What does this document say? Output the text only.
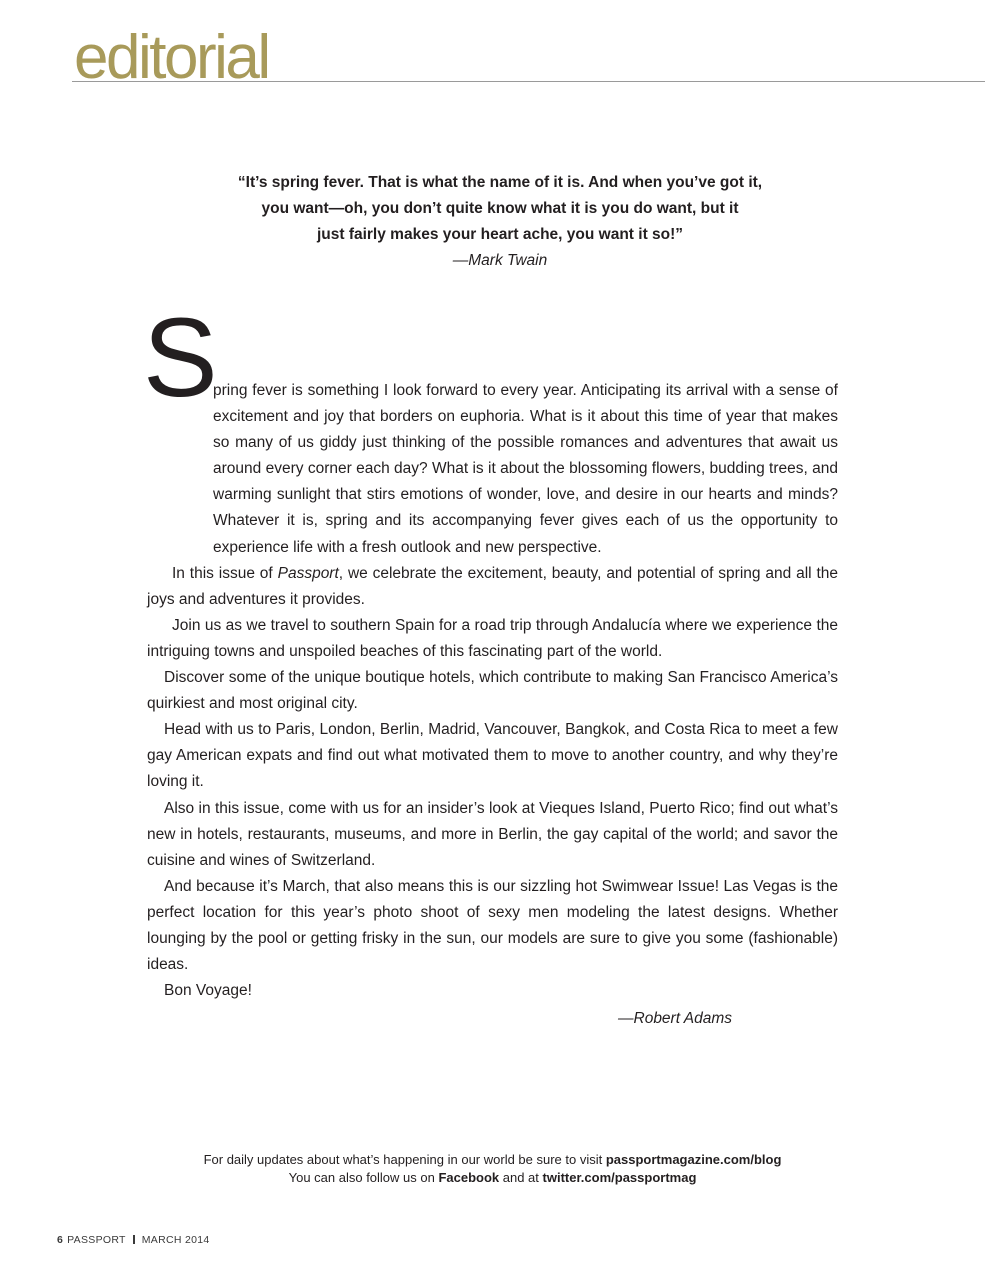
editorial

“It’s spring fever. That is what the name of it is. And when you’ve got it,

you want—oh, you don’t quite know what it is you do want, but it

just fairly makes your heart ache, you want it so!”

—Mark Twain

S pring fever is something I look forward to every year. Anticipating its arrival with a sense of excitement and joy that borders on euphoria. What is it about this time of year that makes so many of us giddy just thinking of the possible romances and adventures that await us around every corner each day? What is it about the blossoming flowers, budding trees, and warming sunlight that stirs emotions of wonder, love, and desire in our hearts and minds? Whatever it is, spring and its accompanying fever gives each of us the opportunity to experience life with a fresh outlook and new perspective.

In this issue of Passport, we celebrate the excitement, beauty, and potential of spring and all the joys and adventures it provides.

Join us as we travel to southern Spain for a road trip through Andalucía where we experience the intriguing towns and unspoiled beaches of this fascinating part of the world.

Discover some of the unique boutique hotels, which contribute to making San Francisco America’s quirkiest and most original city.

Head with us to Paris, London, Berlin, Madrid, Vancouver, Bangkok, and Costa Rica to meet a few gay American expats and find out what motivated them to move to another country, and why they’re loving it.

Also in this issue, come with us for an insider’s look at Vieques Island, Puerto Rico; find out what’s new in hotels, restaurants, museums, and more in Berlin, the gay capital of the world; and savor the cuisine and wines of Switzerland.

And because it’s March, that also means this is our sizzling hot Swimwear Issue! Las Vegas is the perfect location for this year’s photo shoot of sexy men modeling the latest designs. Whether lounging by the pool or getting frisky in the sun, our models are sure to give you some (fashionable) ideas.

Bon Voyage!

—Robert Adams
For daily updates about what’s happening in our world be sure to visit passportmagazine.com/blog
You can also follow us on Facebook and at twitter.com/passportmag
6 PASSPORT MARCH 2014
